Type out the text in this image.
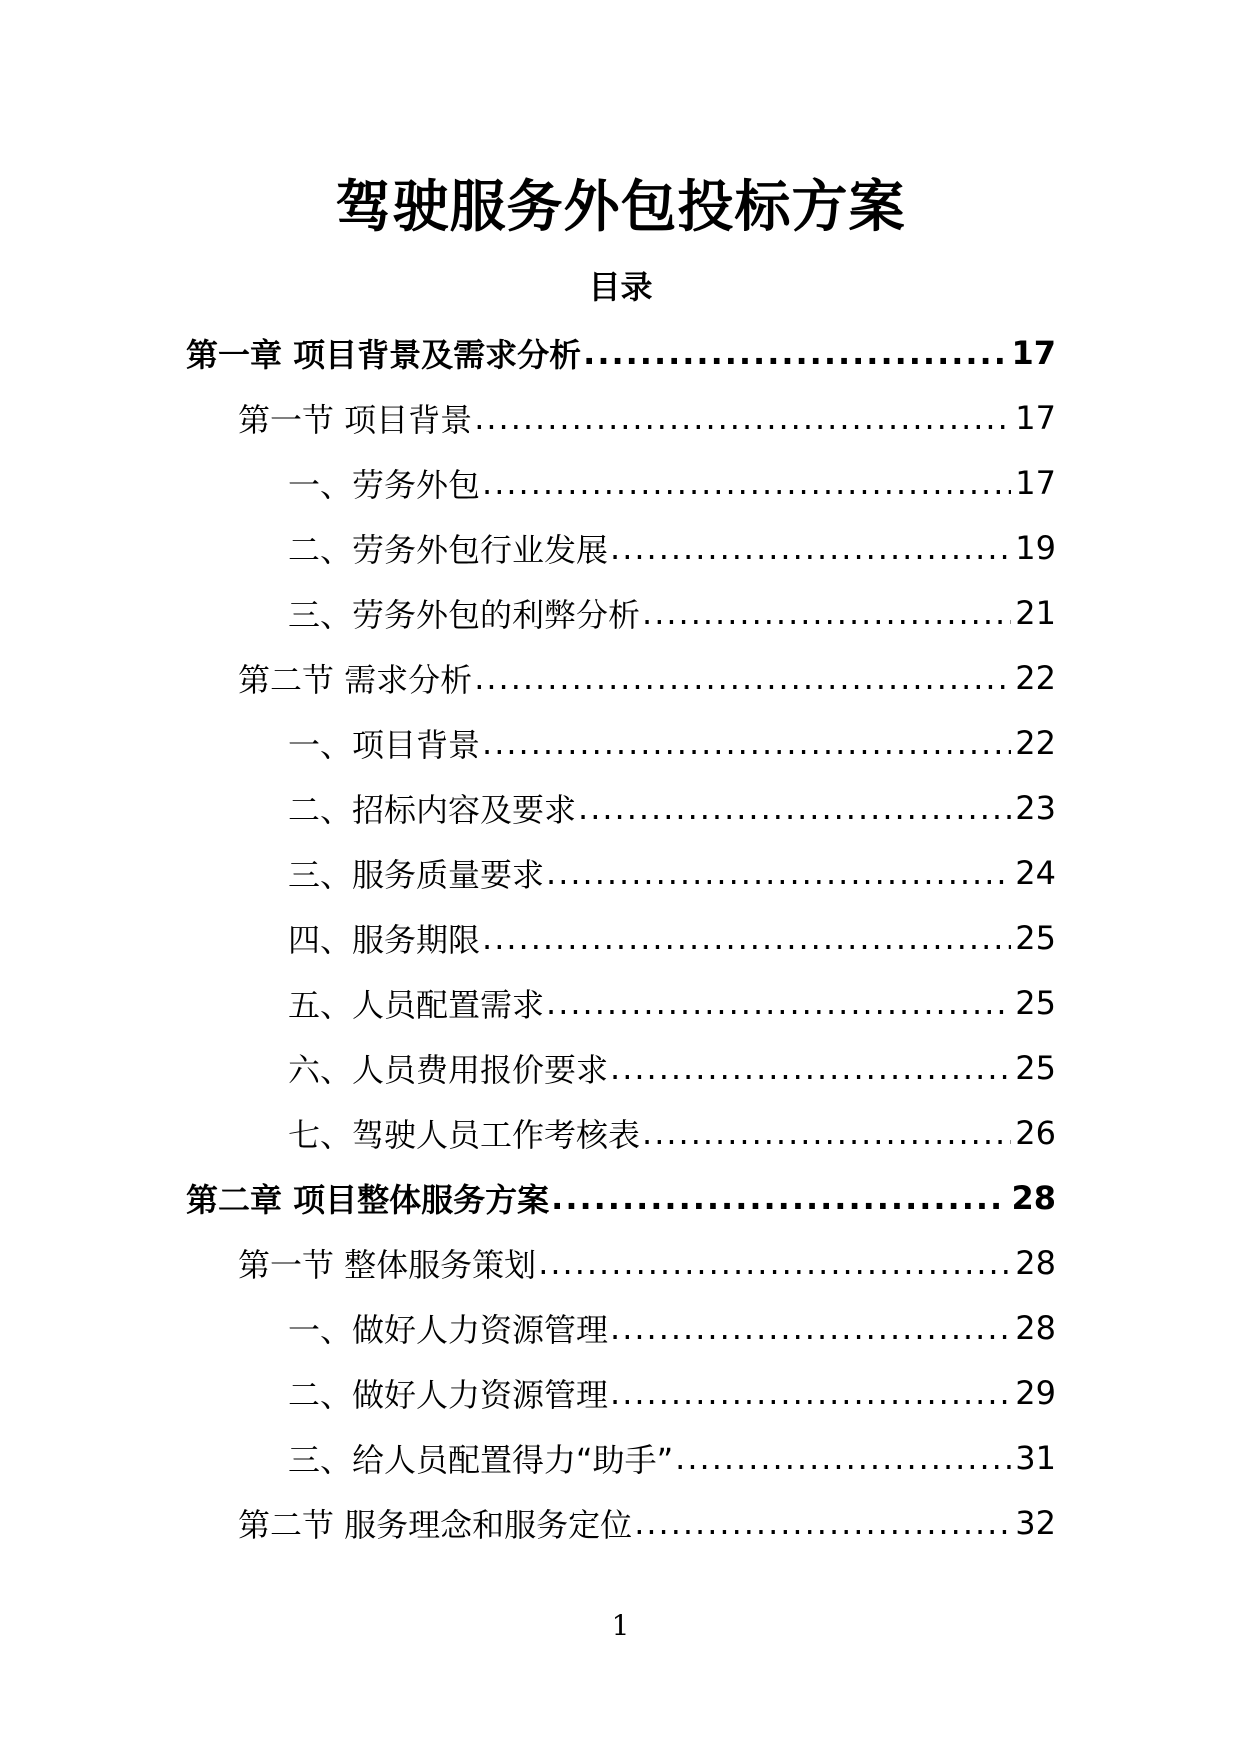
驾驶服务外包投标方案
目录
第一章 项目背景及需求分析 .....	17
第一节 项目背景 .....	17
一、劳务外包 .....	17
二、劳务外包行业发展 .....	19
三、劳务外包的利弊分析 .....	21
第二节 需求分析 .....	22
一、项目背景 .....	22
二、招标内容及要求 .....	23
三、服务质量要求 .....	24
四、服务期限 .....	25
五、人员配置需求 .....	25
六、人员费用报价要求 .....	25
七、驾驶人员工作考核表 .....	26
第二章 项目整体服务方案 .....	28
第一节 整体服务策划 .....	28
一、做好人力资源管理 .....	28
二、做好人力资源管理 .....	29
三、给人员配置得力“助手” .....	31
第二节 服务理念和服务定位 .....	32
1
